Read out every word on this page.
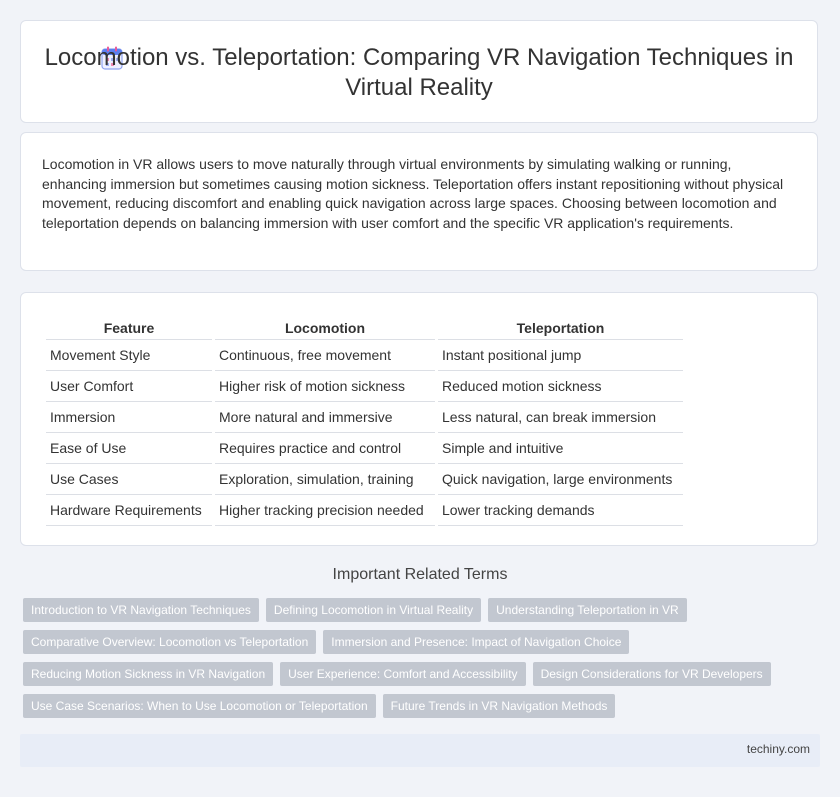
Locomotion vs. Teleportation: Comparing VR Navigation Techniques in Virtual Reality
Locomotion in VR allows users to move naturally through virtual environments by simulating walking or running, enhancing immersion but sometimes causing motion sickness. Teleportation offers instant repositioning without physical movement, reducing discomfort and enabling quick navigation across large spaces. Choosing between locomotion and teleportation depends on balancing immersion with user comfort and the specific VR application's requirements.
Feature	Locomotion	Teleportation
Movement Style	Continuous, free movement	Instant positional jump
User Comfort	Higher risk of motion sickness	Reduced motion sickness
Immersion	More natural and immersive	Less natural, can break immersion
Ease of Use	Requires practice and control	Simple and intuitive
Use Cases	Exploration, simulation, training	Quick navigation, large environments
Hardware Requirements	Higher tracking precision needed	Lower tracking demands
Important Related Terms
Introduction to VR Navigation Techniques	Defining Locomotion in Virtual Reality	Understanding Teleportation in VR
Comparative Overview: Locomotion vs Teleportation	Immersion and Presence: Impact of Navigation Choice
Reducing Motion Sickness in VR Navigation	User Experience: Comfort and Accessibility	Design Considerations for VR Developers
Use Case Scenarios: When to Use Locomotion or Teleportation	Future Trends in VR Navigation Methods
techiny.com
